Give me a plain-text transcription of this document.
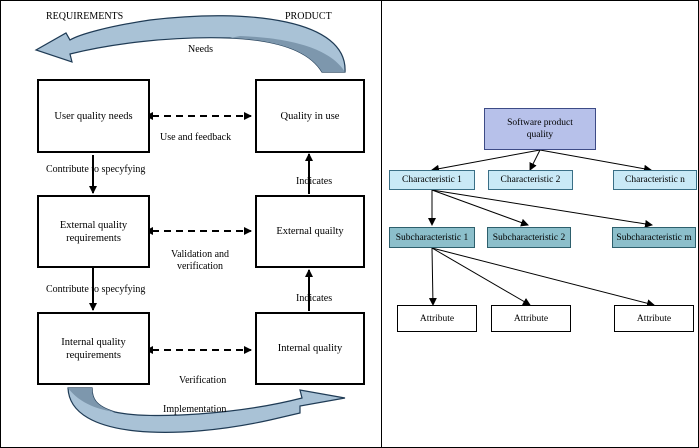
REQUIREMENTS	PRODUCT
Needs
User quality needs	Quality in use
Use and feedback
Contribute to specyfying
Indicates
External quality requirements
External quailty
Validation and verification
Contribute to specyfying
Indicates
Internal quality requirements
Internal quality
Verification
Implementation
Software product quality
Characteristic 1	Characteristic 2	Characteristic n
Subcharacteristic 1	Subcharacteristic 2	Subcharacteristic m
Attribute	Attribute	Attribute
